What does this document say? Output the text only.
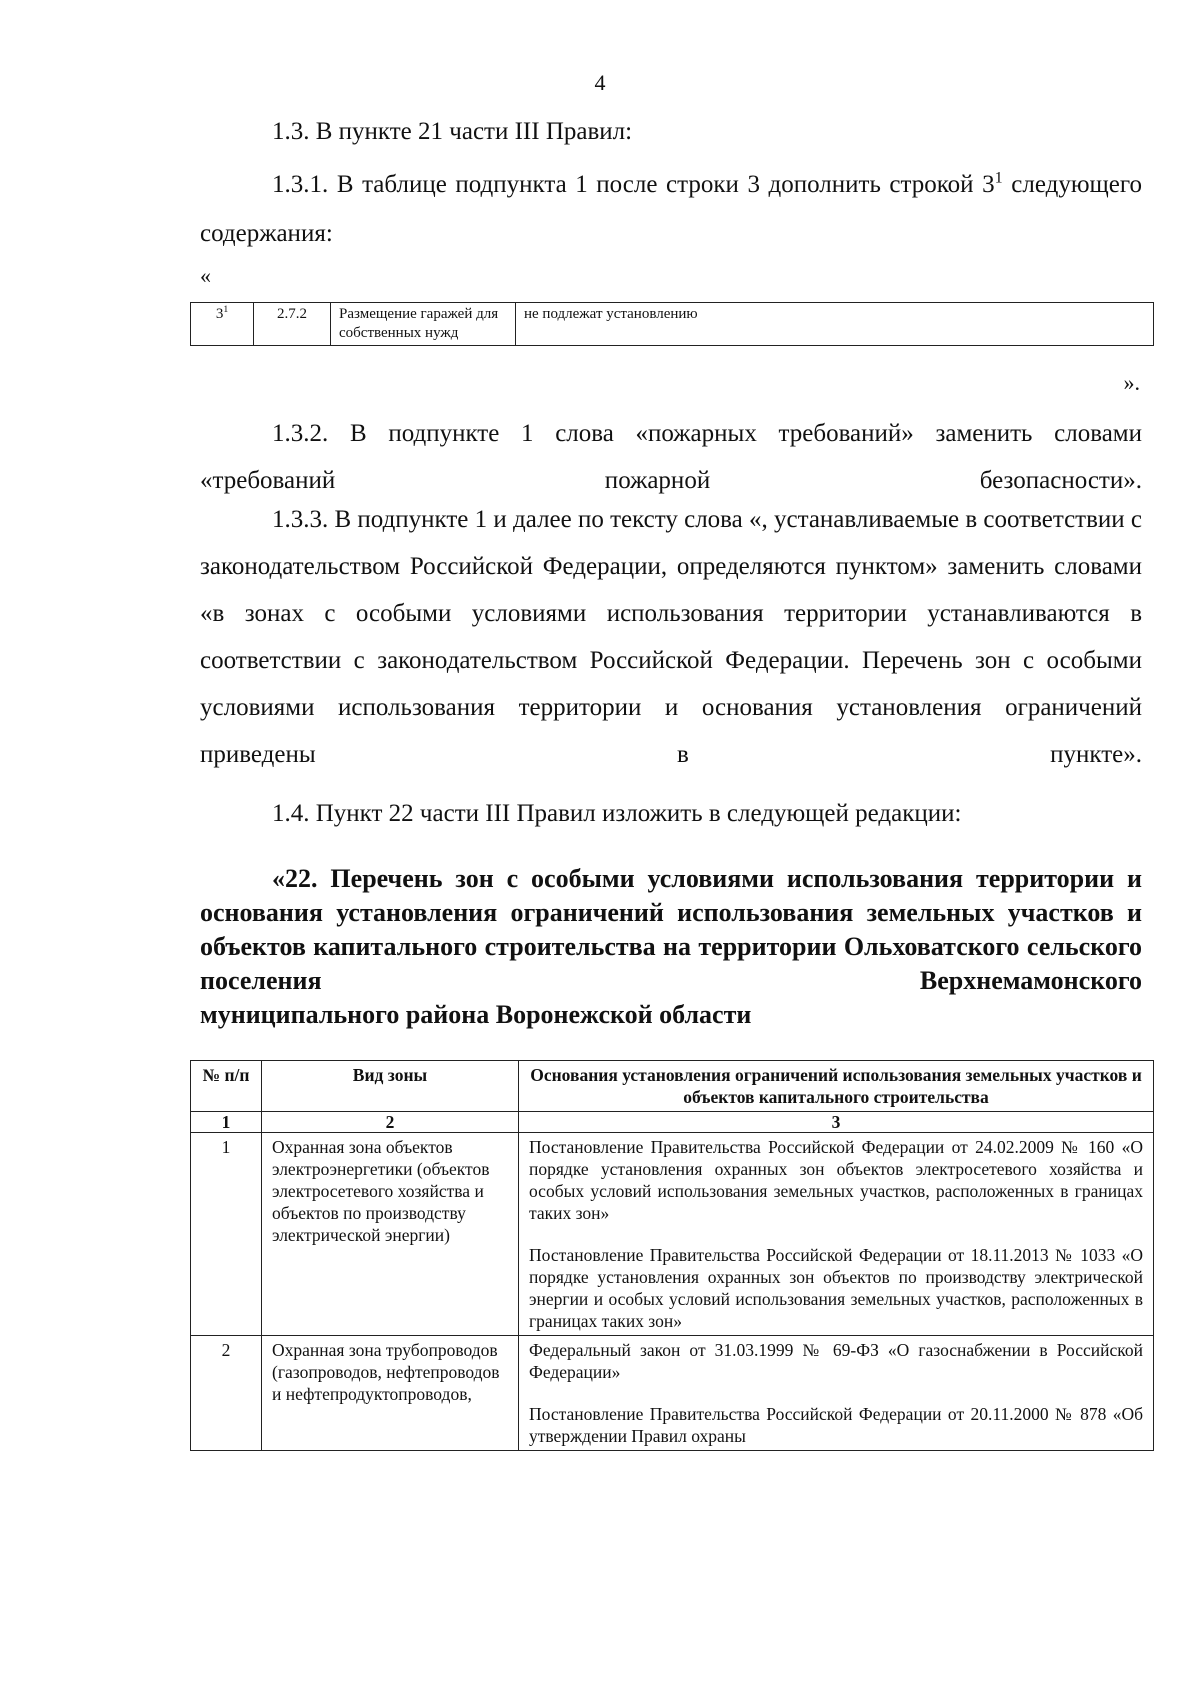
4
1.3. В пункте 21 части III Правил:
1.3.1. В таблице подпункта 1 после строки 3 дополнить строкой $3^1$ следующего содержания:
«
$3^1$	2.7.2	Размещение гаражей для собственных нужд	не подлежат установлению
».
1.3.2. В подпункте 1 слова «пожарных требований» заменить словами «требований пожарной безопасности».
1.3.3. В подпункте 1 и далее по тексту слова «, устанавливаемые в соответствии с законодательством Российской Федерации, определяются пунктом» заменить словами «в зонах с особыми условиями использования территории устанавливаются в соответствии с законодательством Российской Федерации. Перечень зон с особыми условиями использования территории и основания установления ограничений приведены в пункте».
1.4. Пункт 22 части III Правил изложить в следующей редакции:
«22. Перечень зон с особыми условиями использования территории и основания установления ограничений использования земельных участков и объектов капитального строительства на территории Ольховатского сельского поселения Верхнемамонского
муниципального района Воронежской области
№ п/п	Вид зоны	Основания установления ограничений использования земельных участков и объектов капитального строительства
1	2	3
1	Охранная зона объектов электроэнергетики (объектов электросетевого хозяйства и объектов по производству электрической энергии)	Постановление Правительства Российской Федерации от 24.02.2009 № 160 «О порядке установления охранных зон объектов электросетевого хозяйства и особых условий использования земельных участков, расположенных в границах таких зон»
Постановление Правительства Российской Федерации от 18.11.2013 № 1033 «О порядке установления охранных зон объектов по производству электрической энергии и особых условий использования земельных участков, расположенных в границах таких зон»

2	Охранная зона трубопроводов (газопроводов, нефтепроводов и нефтепродуктопроводов,	Федеральный закон от 31.03.1999 № 69-ФЗ «О газоснабжении в Российской Федерации»
Постановление Правительства Российской Федерации от 20.11.2000 № 878 «Об утверждении Правил охраны
